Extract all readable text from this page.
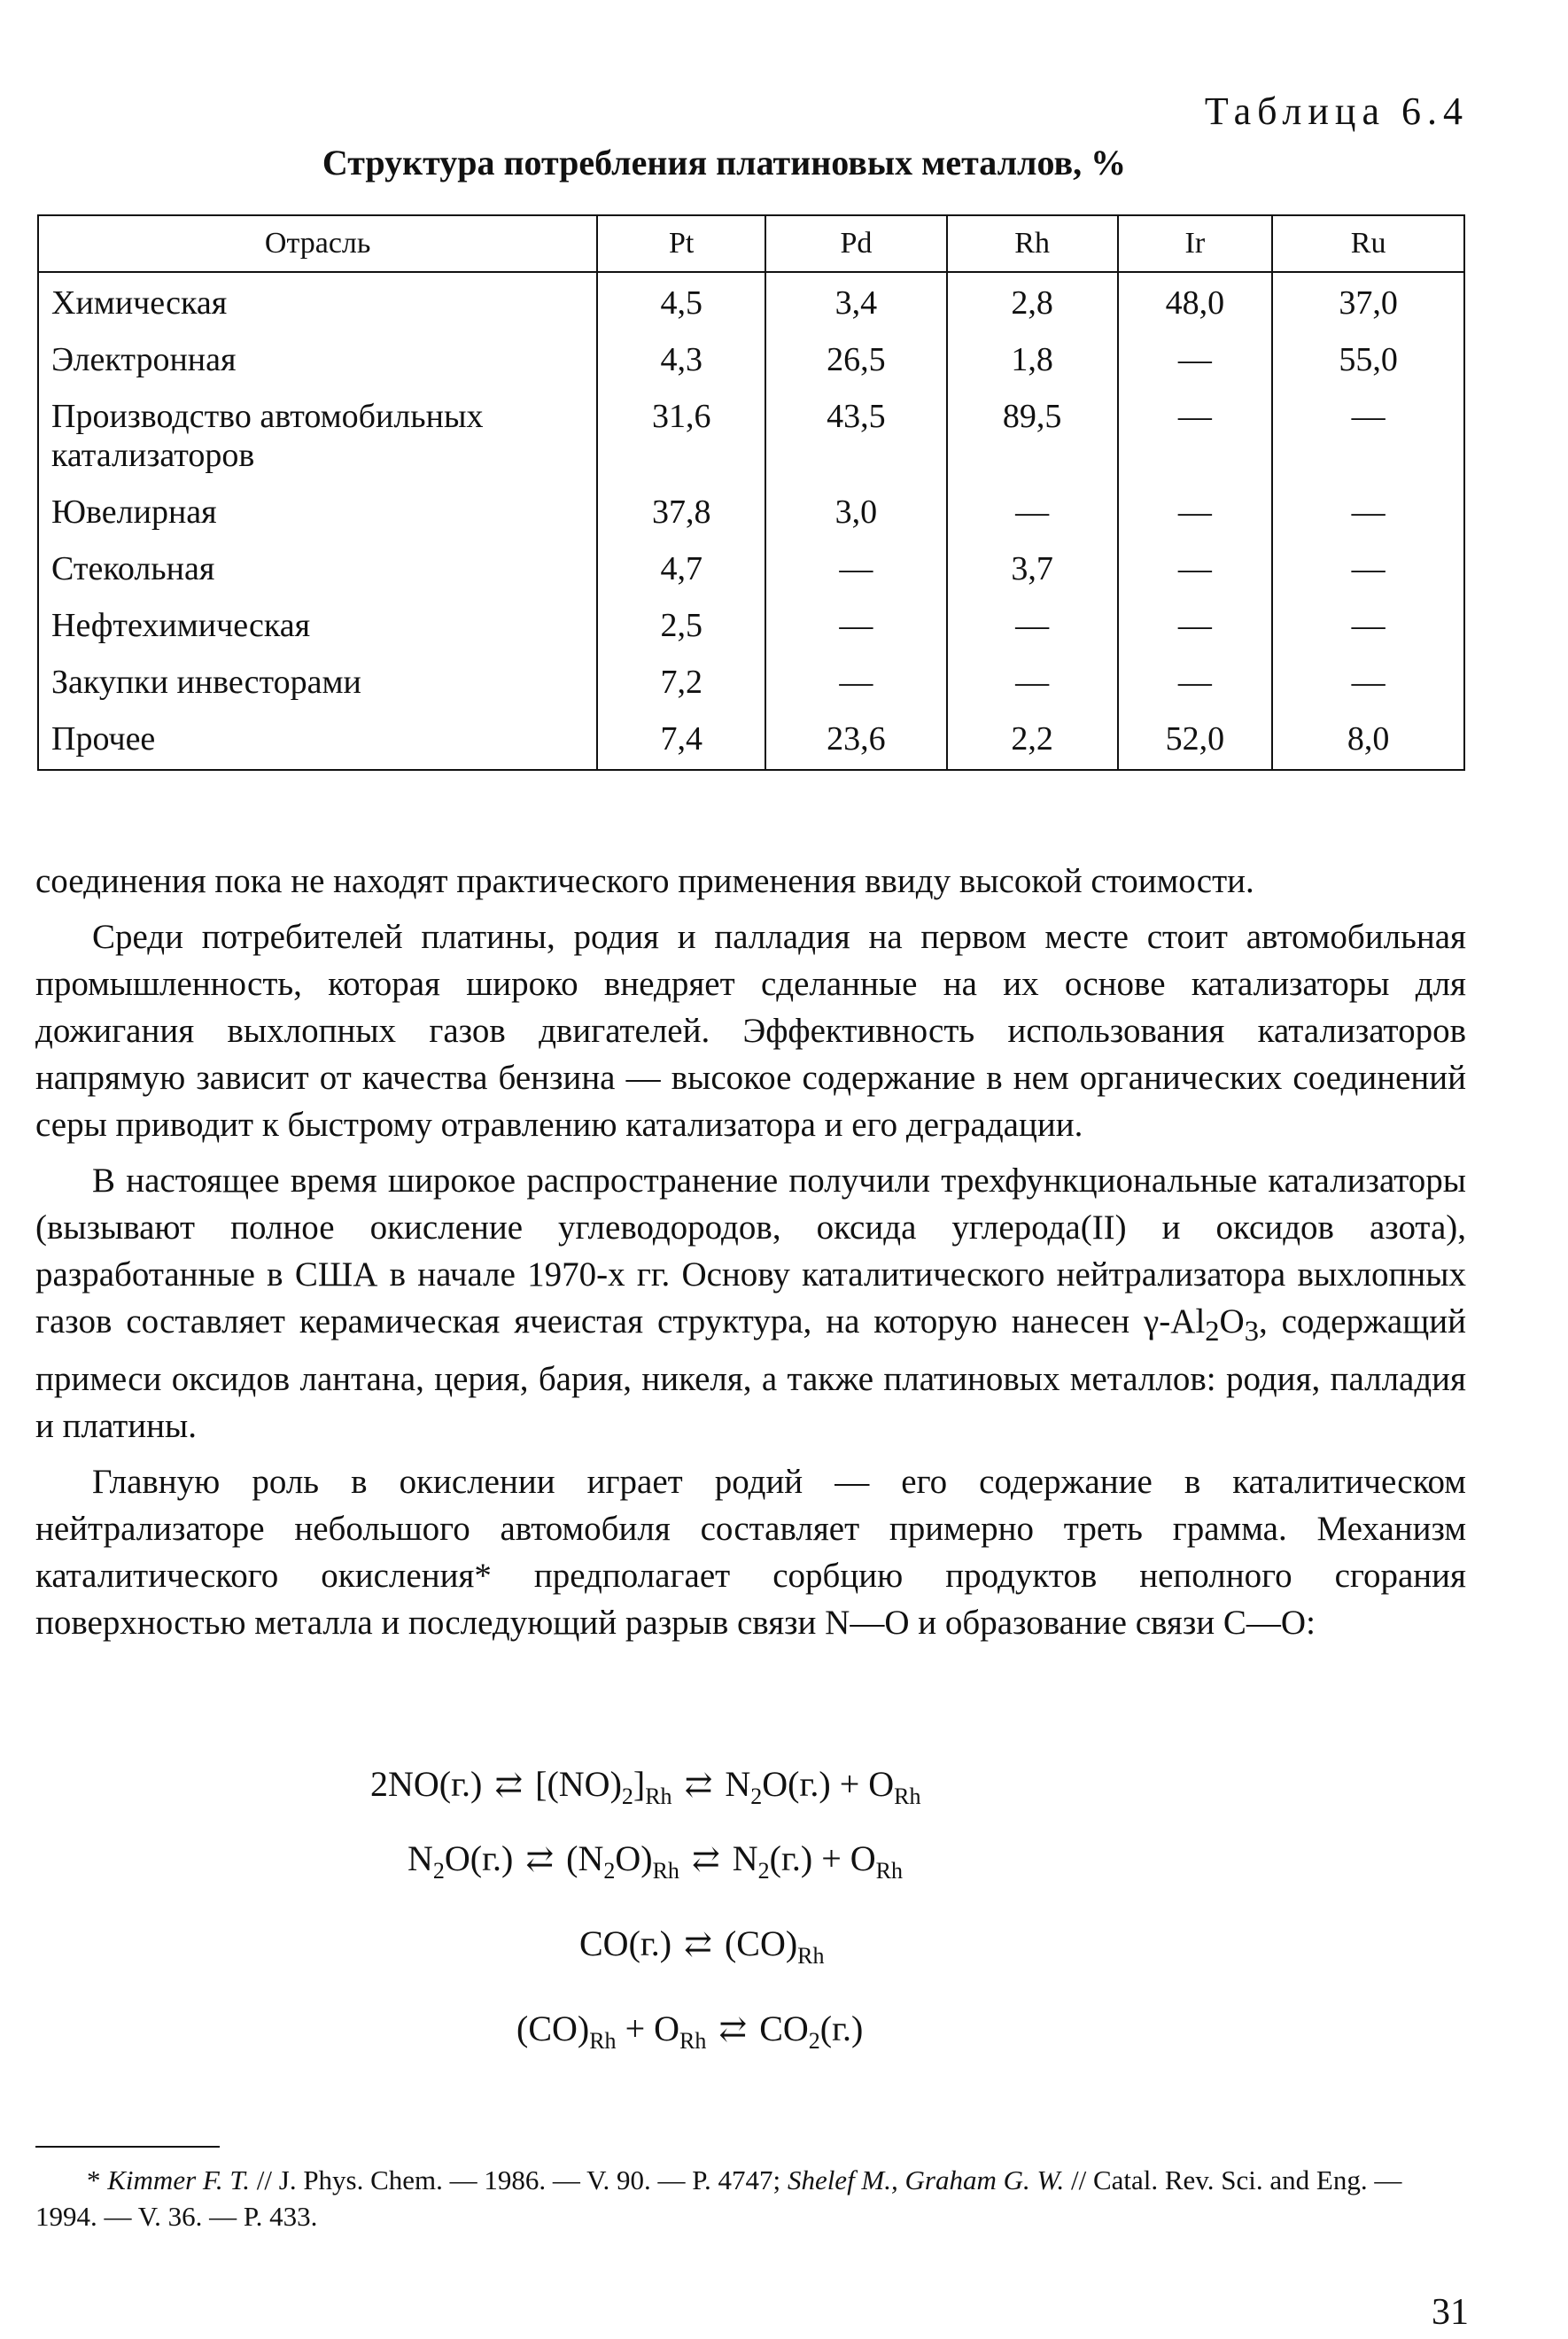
Таблица 6.4
Структура потребления платиновых металлов, %
Отрасль	Pt	Pd	Rh	Ir	Ru
Химическая	4,5	3,4	2,8	48,0	37,0
Электронная	4,3	26,5	1,8	—	55,0
Производство автомобильных катализаторов	31,6	43,5	89,5	—	—
Ювелирная	37,8	3,0	—	—	—
Стекольная	4,7	—	3,7	—	—
Нефтехимическая	2,5	—	—	—	—
Закупки инвесторами	7,2	—	—	—	—
Прочее	7,4	23,6	2,2	52,0	8,0

соединения пока не находят практического применения ввиду высокой стоимости.

Среди потребителей платины, родия и палладия на первом месте стоит автомобильная промышленность, которая широко внедряет сделанные на их основе катализаторы для дожигания выхлопных газов двигателей. Эффективность использования катализаторов напрямую зависит от качества бензина — высокое содержание в нем органических соединений серы приводит к быстрому отравлению катализатора и его деградации.

В настоящее время широкое распространение получили трехфункциональные катализаторы (вызывают полное окисление углеводородов, оксида углерода(II) и оксидов азота), разработанные в США в начале 1970-х гг. Основу каталитического нейтрализатора выхлопных газов составляет керамическая ячеистая структура, на которую нанесен $\gamma-Al_2O_3$, содержащий примеси оксидов лантана, церия, бария, никеля, а также платиновых металлов: родия, палладия и платины.

Главную роль в окислении играет родий — его содержание в каталитическом нейтрализаторе небольшого автомобиля составляет примерно треть грамма. Механизм каталитического окисления* предполагает сорбцию продуктов неполного сгорания поверхностью металла и последующий разрыв связи N—O и образование связи C—O:

2NO(г.) ⇄ $[(NO)_2]_{Rh}$ ⇄ $N_2O(г.) + O_{Rh}$
$N_2O(г.)$ ⇄ $(N_2O)_{Rh}$ ⇄ $N_2(г.) + O_{Rh}$
CO(г.) ⇄ $(CO)_{Rh}$
$(CO)_{Rh} + O_{Rh}$ ⇄ $CO_2(г.)$
* Kimmer F. T. // J. Phys. Chem. — 1986. — V. 90. — P. 4747; Shelef M., Graham G. W. // Catal. Rev. Sci. and Eng. — 1994. — V. 36. — P. 433.
31
